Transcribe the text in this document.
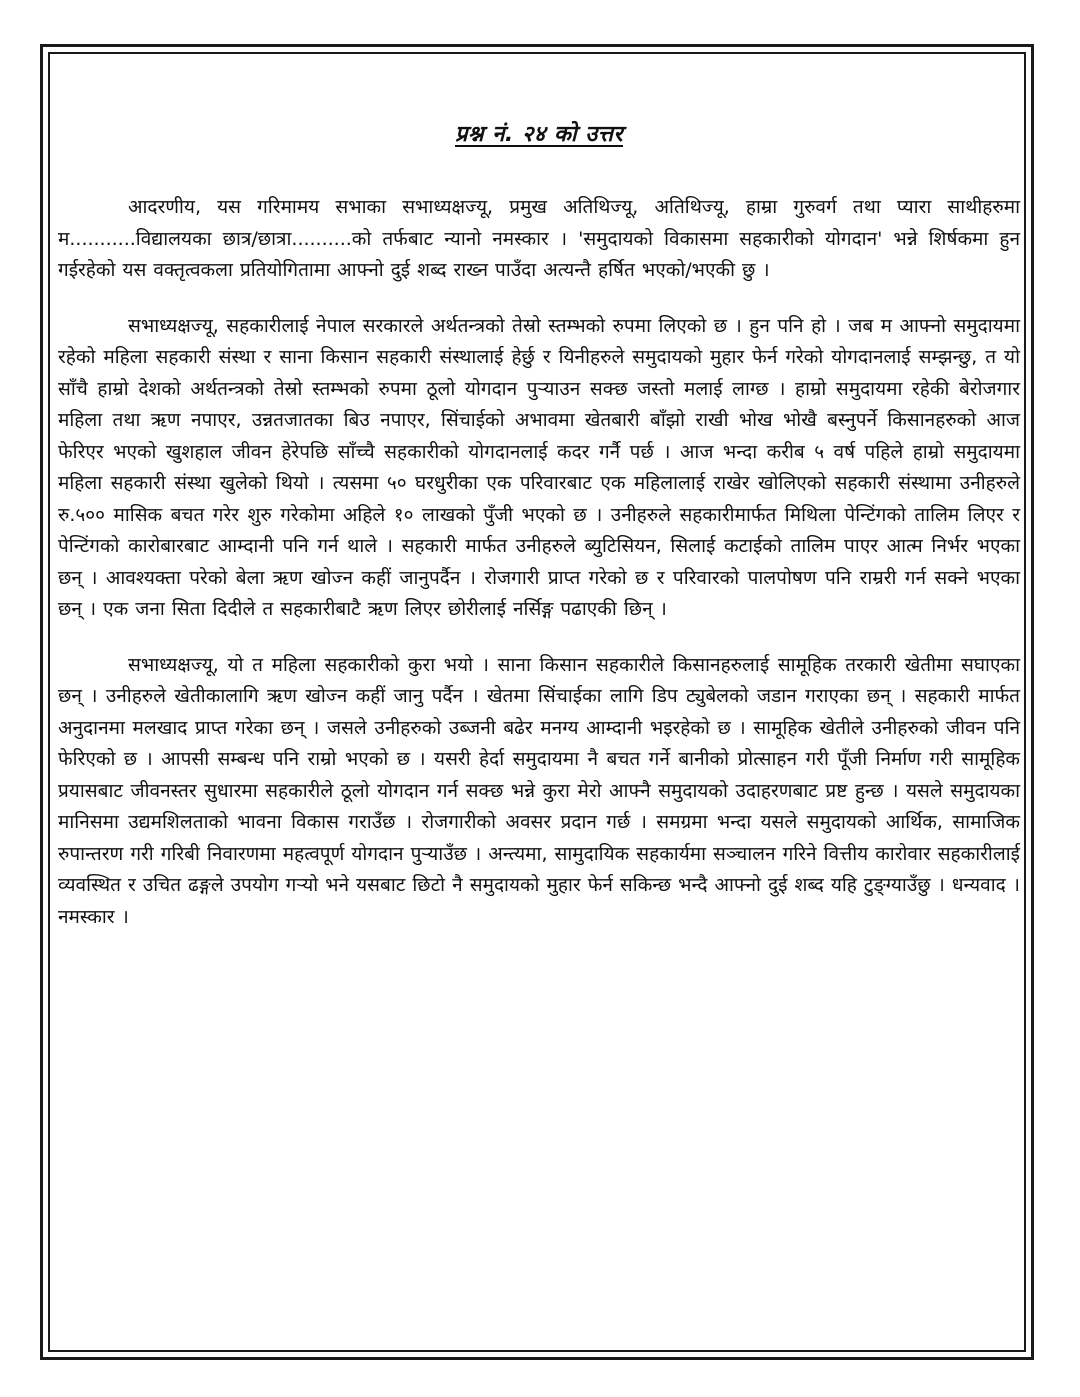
प्रश्न नं. २४ को उत्तर

आदरणीय, यस गरिमामय सभाका सभाध्यक्षज्यू, प्रमुख अतिथिज्यू, अतिथिज्यू, हाम्रा गुरुवर्ग तथा प्यारा साथीहरुमा म...........विद्यालयका छात्र/छात्रा..........को तर्फबाट न्यानो नमस्कार । 'समुदायको विकासमा सहकारीको योगदान' भन्ने शिर्षकमा हुन गईरहेको यस वक्तृत्वकला प्रतियोगितामा आफ्नो दुई शब्द राख्न पाउँदा अत्यन्तै हर्षित भएको/भएकी छु ।

सभाध्यक्षज्यू, सहकारीलाई नेपाल सरकारले अर्थतन्त्रको तेस्रो स्तम्भको रुपमा लिएको छ । हुन पनि हो । जब म आफ्नो समुदायमा रहेको महिला सहकारी संस्था र साना किसान सहकारी संस्थालाई हेर्छु र यिनीहरुले समुदायको मुहार फेर्न गरेको योगदानलाई सम्झन्छु, त यो साँचै हाम्रो देशको अर्थतन्त्रको तेस्रो स्तम्भको रुपमा ठूलो योगदान पुऱ्याउन सक्छ जस्तो मलाई लाग्छ । हाम्रो समुदायमा रहेकी बेरोजगार महिला तथा ऋण नपाएर, उन्नतजातका बिउ नपाएर, सिंचाईको अभावमा खेतबारी बाँझो राखी भोख भोखै बस्नुपर्ने किसानहरुको आज फेरिएर भएको खुशहाल जीवन हेरेपछि साँच्चै सहकारीको योगदानलाई कदर गर्नै पर्छ । आज भन्दा करीब ५ वर्ष पहिले हाम्रो समुदायमा महिला सहकारी संस्था खुलेको थियो । त्यसमा ५० घरधुरीका एक परिवारबाट एक महिलालाई राखेर खोलिएको सहकारी संस्थामा उनीहरुले रु.५०० मासिक बचत गरेर शुरु गरेकोमा अहिले १० लाखको पुँजी भएको छ । उनीहरुले सहकारीमार्फत मिथिला पेन्टिंगको तालिम लिएर र पेन्टिंगको कारोबारबाट आम्दानी पनि गर्न थाले । सहकारी मार्फत उनीहरुले ब्युटिसियन, सिलाई कटाईको तालिम पाएर आत्म निर्भर भएका छन् । आवश्यक्ता परेको बेला ऋण खोज्न कहीं जानुपर्दैन । रोजगारी प्राप्त गरेको छ र परिवारको पालपोषण पनि राम्ररी गर्न सक्ने भएका छन् । एक जना सिता दिदीले त सहकारीबाटै ऋण लिएर छोरीलाई नर्सिङ्ग पढाएकी छिन् ।

सभाध्यक्षज्यू, यो त महिला सहकारीको कुरा भयो । साना किसान सहकारीले किसानहरुलाई सामूहिक तरकारी खेतीमा सघाएका छन् । उनीहरुले खेतीकालागि ऋण खोज्न कहीं जानु पर्दैन । खेतमा सिंचाईका लागि डिप ट्युबेलको जडान गराएका छन् । सहकारी मार्फत अनुदानमा मलखाद प्राप्त गरेका छन् । जसले उनीहरुको उब्जनी बढेर मनग्य आम्दानी भइरहेको छ । सामूहिक खेतीले उनीहरुको जीवन पनि फेरिएको छ । आपसी सम्बन्ध पनि राम्रो भएको छ । यसरी हेर्दा समुदायमा नै बचत गर्ने बानीको प्रोत्साहन गरी पूँजी निर्माण गरी सामूहिक प्रयासबाट जीवनस्तर सुधारमा सहकारीले ठूलो योगदान गर्न सक्छ भन्ने कुरा मेरो आफ्नै समुदायको उदाहरणबाट प्रष्ट हुन्छ । यसले समुदायका मानिसमा उद्यमशिलताको भावना विकास गराउँछ । रोजगारीको अवसर प्रदान गर्छ । समग्रमा भन्दा यसले समुदायको आर्थिक, सामाजिक रुपान्तरण गरी गरिबी निवारणमा महत्वपूर्ण योगदान पुऱ्याउँछ । अन्त्यमा, सामुदायिक सहकार्यमा सञ्चालन गरिने वित्तीय कारोवार सहकारीलाई व्यवस्थित र उचित ढङ्गले उपयोग गऱ्यो भने यसबाट छिटो नै समुदायको मुहार फेर्न सकिन्छ भन्दै आफ्नो दुई शब्द यहि टुङ्ग्याउँछु । धन्यवाद । नमस्कार ।
